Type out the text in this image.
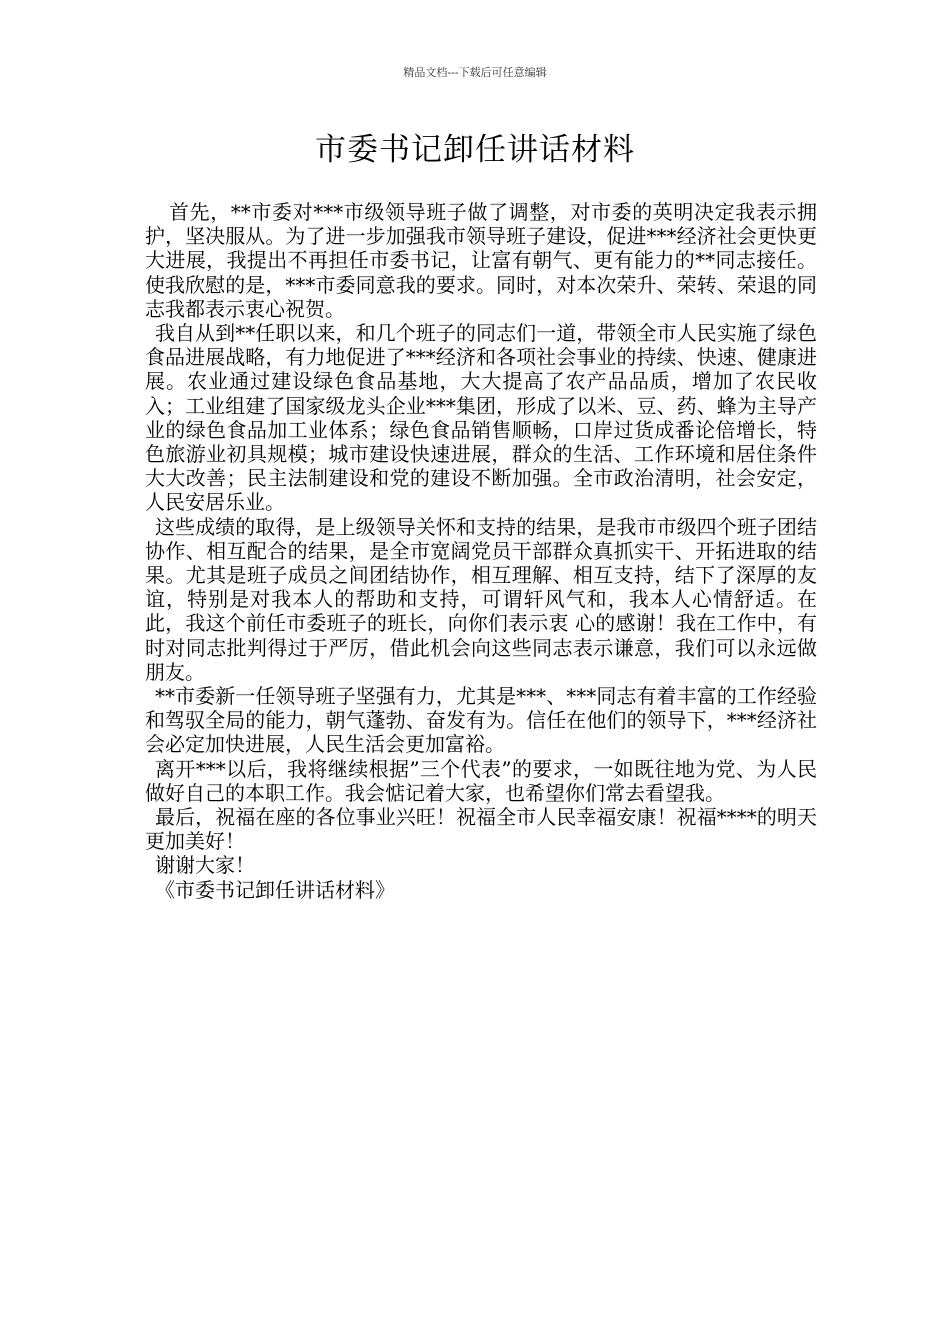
精品文档---下载后可任意编辑
市委书记卸任讲话材料

首先，**市委对***市级领导班子做了调整，对市委的英明决定我表示拥护，坚决服从。为了进一步加强我市领导班子建设，促进***经济社会更快更大进展，我提出不再担任市委书记，让富有朝气、更有能力的**同志接任。使我欣慰的是，***市委同意我的要求。同时，对本次荣升、荣转、荣退的同志我都表示衷心祝贺。

我自从到**任职以来，和几个班子的同志们一道，带领全市人民实施了绿色食品进展战略，有力地促进了***经济和各项社会事业的持续、快速、健康进展。农业通过建设绿色食品基地，大大提高了农产品品质，增加了农民收入；工业组建了国家级龙头企业***集团，形成了以米、豆、药、蜂为主导产业的绿色食品加工业体系；绿色食品销售顺畅，口岸过货成番论倍增长，特色旅游业初具规模；城市建设快速进展，群众的生活、工作环境和居住条件大大改善；民主法制建设和党的建设不断加强。全市政治清明，社会安定，人民安居乐业。

这些成绩的取得，是上级领导关怀和支持的结果，是我市市级四个班子团结协作、相互配合的结果，是全市宽阔党员干部群众真抓实干、开拓进取的结果。尤其是班子成员之间团结协作，相互理解、相互支持，结下了深厚的友谊，特别是对我本人的帮助和支持，可谓轩风气和，我本人心情舒适。在此，我这个前任市委班子的班长，向你们表示衷 心的感谢！我在工作中，有时对同志批判得过于严厉，借此机会向这些同志表示谦意，我们可以永远做朋友。

**市委新一任领导班子坚强有力，尤其是***、***同志有着丰富的工作经验和驾驭全局的能力，朝气蓬勃、奋发有为。信任在他们的领导下，***经济社会必定加快进展，人民生活会更加富裕。

离开***以后，我将继续根据”三个代表”的要求，一如既往地为党、为人民做好自己的本职工作。我会惦记着大家，也希望你们常去看望我。

最后，祝福在座的各位事业兴旺！祝福全市人民幸福安康！祝福****的明天更加美好！

谢谢大家！

《市委书记卸任讲话材料》
